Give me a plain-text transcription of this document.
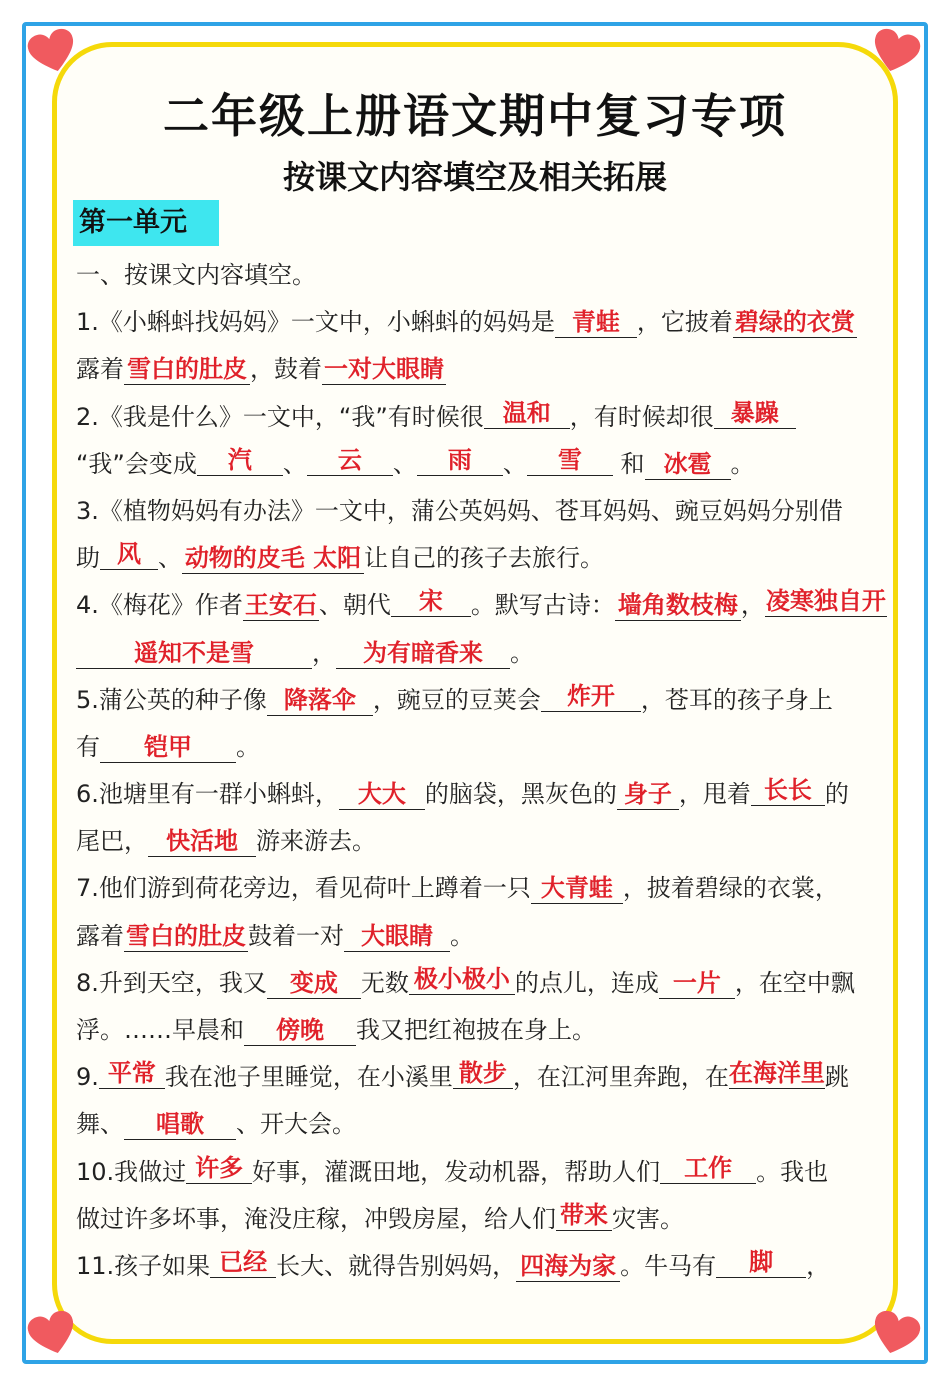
二年级上册语文期中复习专项
按课文内容填空及相关拓展
第一单元
一、按课文内容填空。
1.《小蝌蚪找妈妈》一文中，小蝌蚪的妈妈是 青蛙 ，它披着碧绿的衣赏
露着 雪白的肚皮 ，鼓着一对大眼睛
2.《我是什么》一文中，“我”有时候很 温和 ，有时候却很 暴躁
“我”会变成 汽 、 云 、 雨 、 雪 和 冰雹 。
3.《植物妈妈有办法》一文中，蒲公英妈妈、苍耳妈妈、豌豆妈妈分别借
助 风 、 动物的皮毛 太阳 让自己的孩子去旅行。
4.《梅花》作者王安石、朝代 宋 。默写古诗： 墙角数枝梅 ，凌寒独自开
遥知不是雪 ， 为有暗香来 。
5.蒲公英的种子像 降落伞 ，豌豆的豆荚会 炸开 ，苍耳的孩子身上
有 铠甲 。
6.池塘里有一群小蝌蚪， 大大 的脑袋，黑灰色的 身子 ，甩着 长长 的
尾巴， 快活地 游来游去。
7.他们游到荷花旁边，看见荷叶上蹲着一只 大青蛙 ，披着碧绿的衣裳，
露着雪白的肚皮鼓着一对 大眼睛 。
8.升到天空，我又 变成 无数 极小极小 的点儿，连成 一片 ，在空中飘
浮。……早晨和 傍晚 我又把红袍披在身上。
9. 平常 我在池子里睡觉，在小溪里 散步 ，在江河里奔跑，在在海洋里跳
舞、 唱歌 、开大会。
10.我做过 许多 好事，灌溉田地，发动机器，帮助人们 工作 。我也
做过许多坏事，淹没庄稼，冲毁房屋，给人们 带来 灾害。
11.孩子如果 已经 长大、就得告别妈妈， 四海为家 。牛马有 脚 ，
